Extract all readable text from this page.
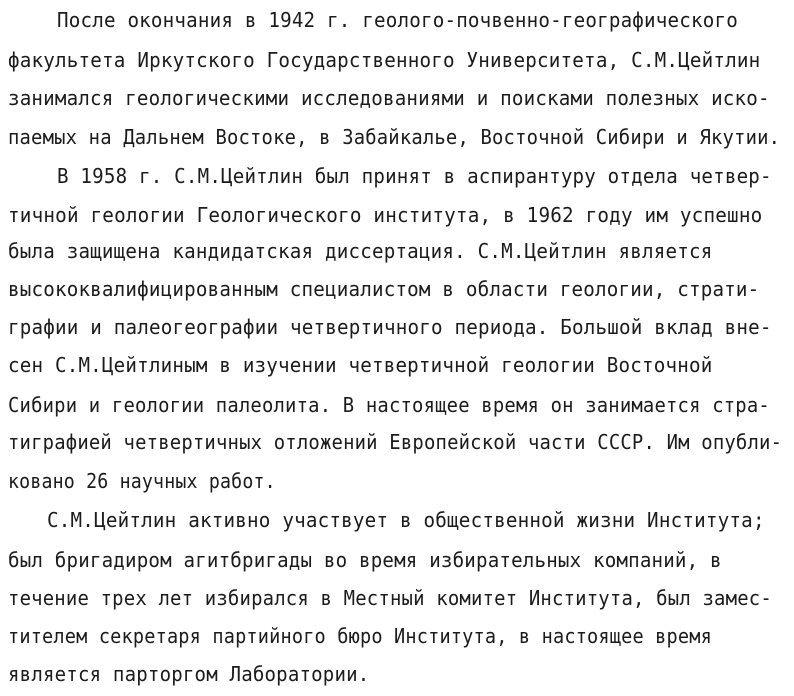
После окончания в 1942 г. геолого-почвенно-географического
факультета Иркутского Государственного Университета, С.М.Цейтлин
занимался геологическими исследованиями и поисками полезных иско-
паемых на Дальнем Востоке, в Забайкалье, Восточной Сибири и Якутии.
В 1958 г. С.М.Цейтлин был принят в аспирантуру отдела четвер-
тичной геологии Геологического института, в 1962 году им успешно
была защищена кандидатская диссертация. С.М.Цейтлин является
высококвалифицированным специалистом в области геологии, страти-
графии и палеогеографии четвертичного периода. Большой вклад вне-
сен С.М.Цейтлиным в изучении четвертичной геологии Восточной
Сибири и геологии палеолита. В настоящее время он занимается стра-
тиграфией четвертичных отложений Европейской части СССР. Им опубли-
ковано 26 научных работ.
С.М.Цейтлин активно участвует в общественной жизни Института;
был бригадиром агитбригады во время избирательных компаний, в
течение трех лет избирался в Местный комитет Института, был замес-
тителем секретаря партийного бюро Института, в настоящее время
является парторгом Лаборатории.
